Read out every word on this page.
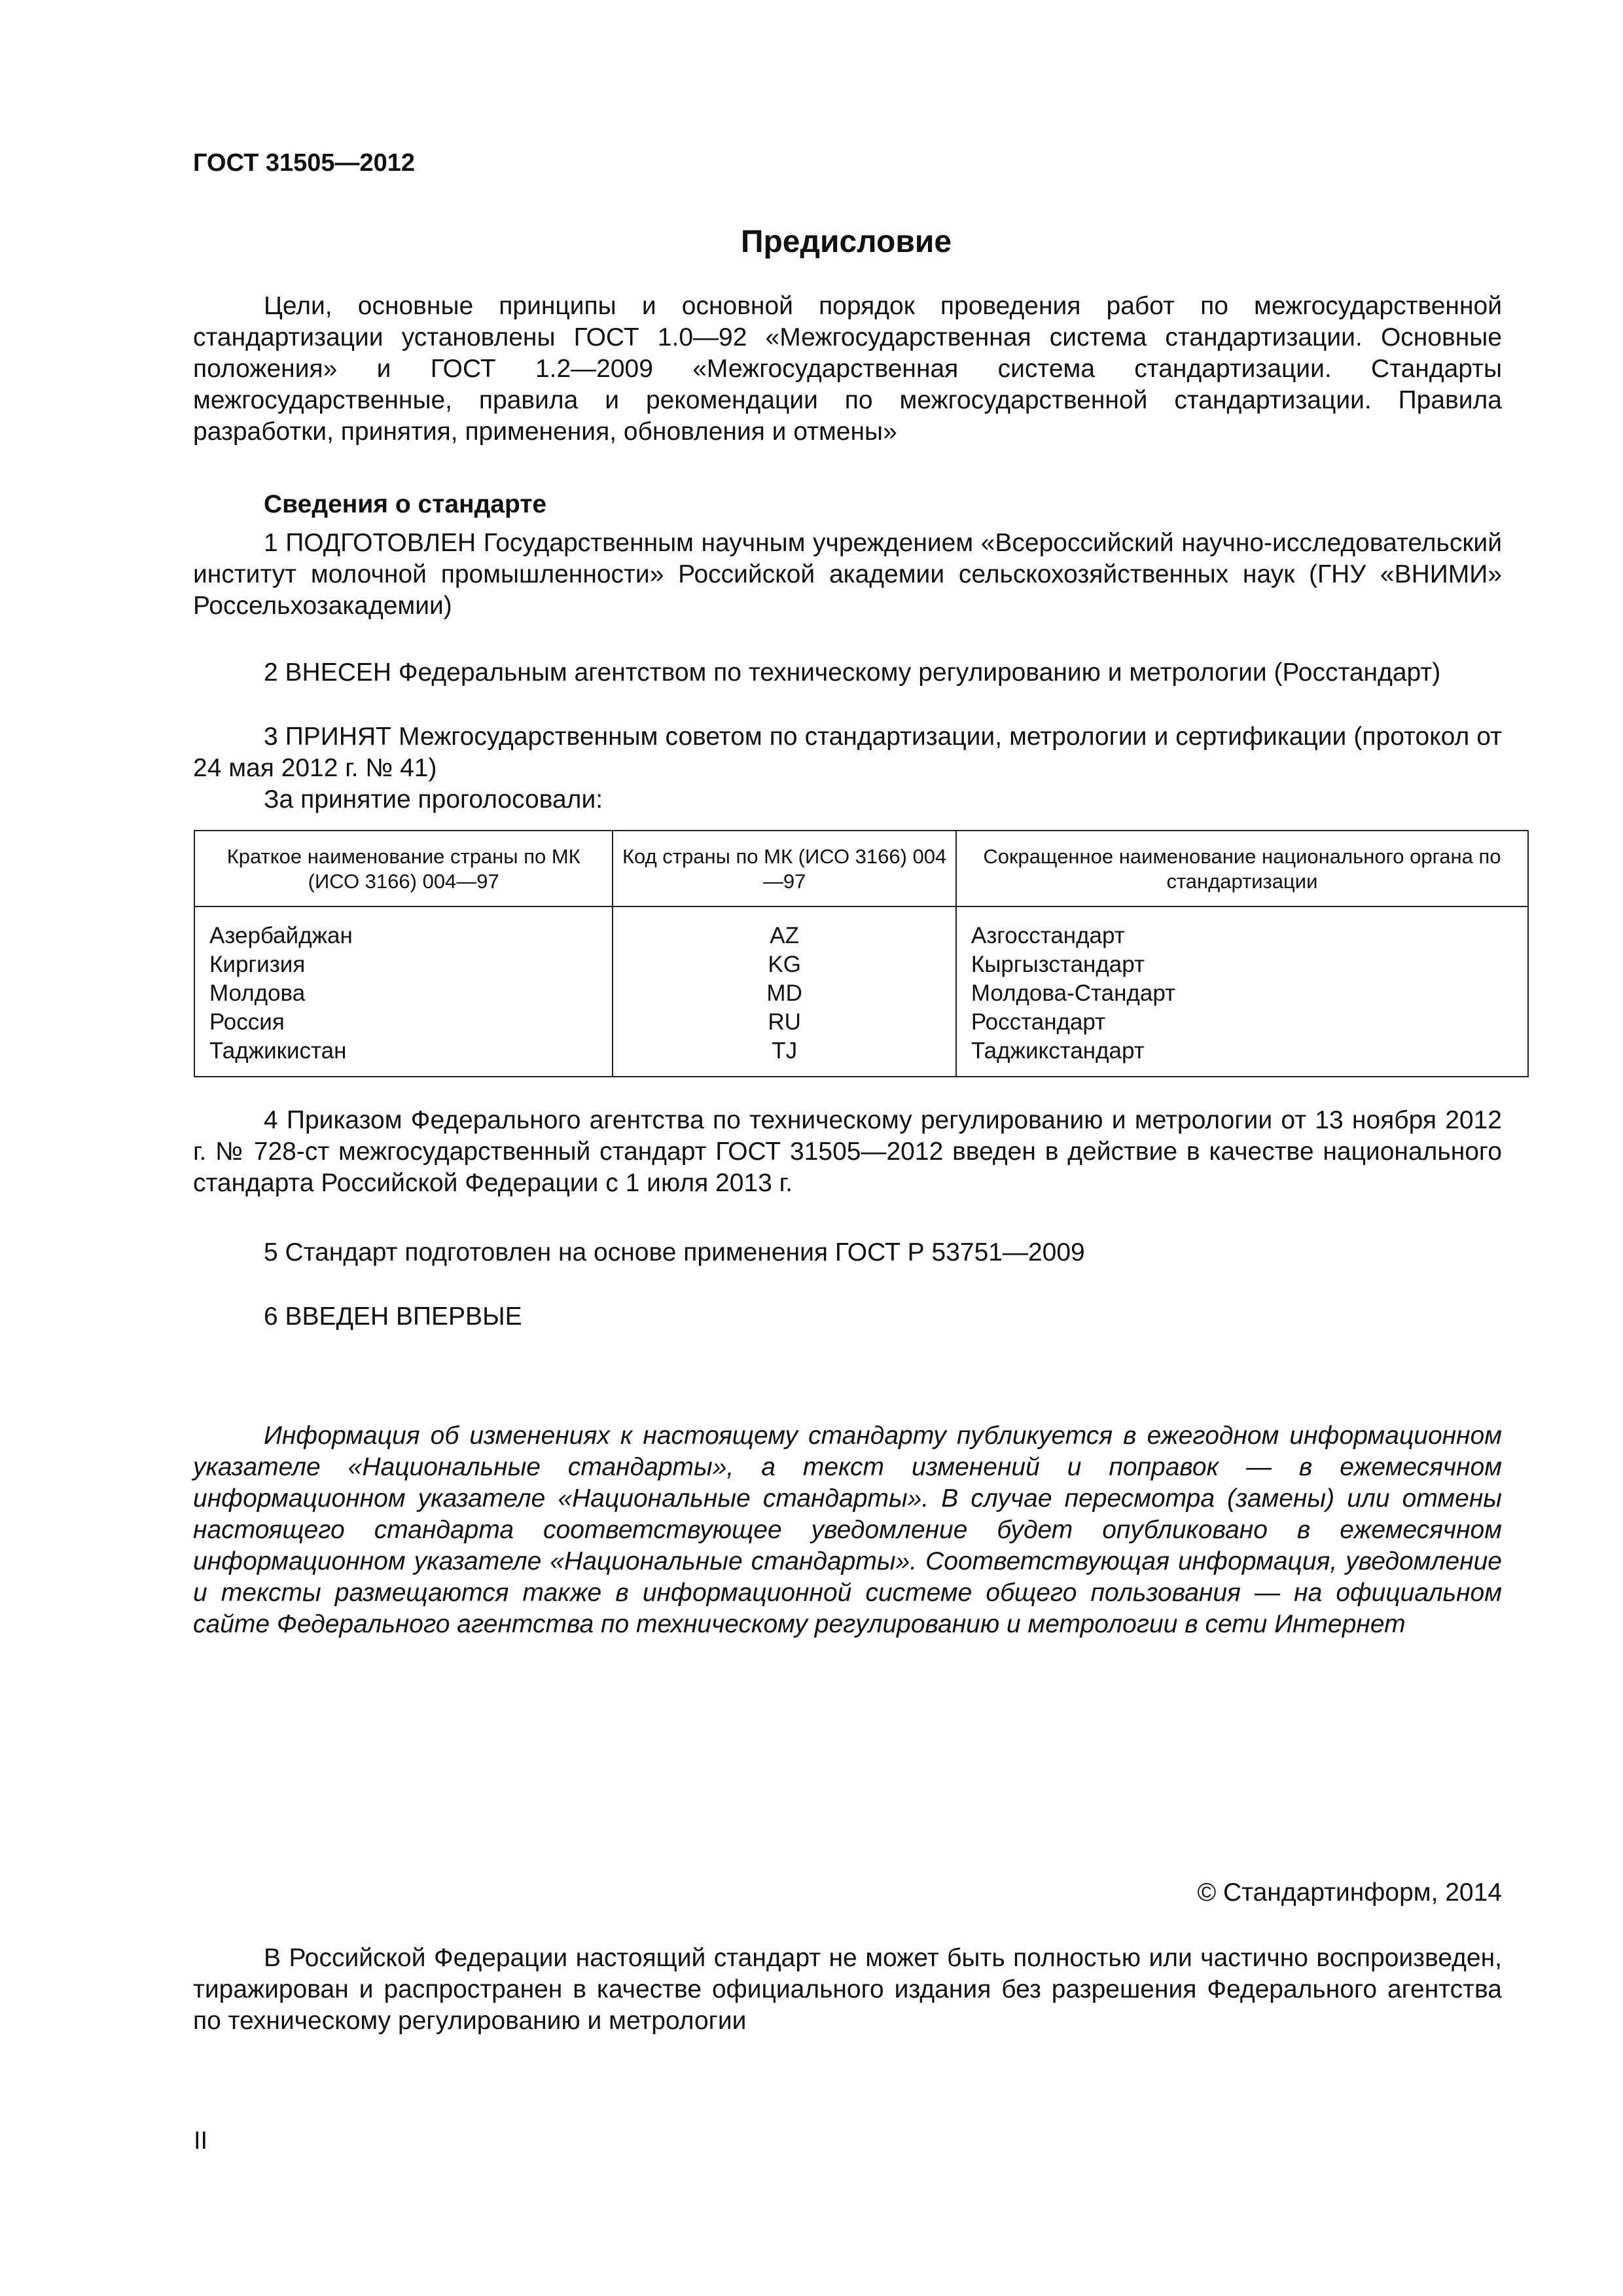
ГОСТ 31505—2012
Предисловие
Цели, основные принципы и основной порядок проведения работ по межгосударственной стандартизации установлены ГОСТ 1.0—92 «Межгосударственная система стандартизации. Основные положения» и ГОСТ 1.2—2009 «Межгосударственная система стандартизации. Стандарты межгосударственные, правила и рекомендации по межгосударственной стандартизации. Правила разработки, принятия, применения, обновления и отмены»
Сведения о стандарте
1 ПОДГОТОВЛЕН Государственным научным учреждением «Всероссийский научно-исследовательский институт молочной промышленности» Российской академии сельскохозяйственных наук (ГНУ «ВНИМИ» Россельхозакадемии)
2 ВНЕСЕН Федеральным агентством по техническому регулированию и метрологии (Росстандарт)
3 ПРИНЯТ Межгосударственным советом по стандартизации, метрологии и сертификации (протокол от 24 мая 2012 г. № 41)
За принятие проголосовали:
Краткое наименование страны по МК (ИСО 3166) 004—97	Код страны по МК (ИСО 3166) 004—97	Сокращенное наименование национального органа по стандартизации
Азербайджан	AZ	Азгосстандарт
Киргизия	KG	Кыргызстандарт
Молдова	MD	Молдова-Стандарт
Россия	RU	Росстандарт
Таджикистан	TJ	Таджикстандарт
4 Приказом Федерального агентства по техническому регулированию и метрологии от 13 ноября 2012 г. № 728-ст межгосударственный стандарт ГОСТ 31505—2012 введен в действие в качестве национального стандарта Российской Федерации с 1 июля 2013 г.
5 Стандарт подготовлен на основе применения ГОСТ Р 53751—2009
6 ВВЕДЕН ВПЕРВЫЕ
Информация об изменениях к настоящему стандарту публикуется в ежегодном информационном указателе «Национальные стандарты», а текст изменений и поправок — в ежемесячном информационном указателе «Национальные стандарты». В случае пересмотра (замены) или отмены настоящего стандарта соответствующее уведомление будет опубликовано в ежемесячном информационном указателе «Национальные стандарты». Соответствующая информация, уведомление и тексты размещаются также в информационной системе общего пользования — на официальном сайте Федерального агентства по техническому регулированию и метрологии в сети Интернет
© Стандартинформ, 2014
В Российской Федерации настоящий стандарт не может быть полностью или частично воспроизведен, тиражирован и распространен в качестве официального издания без разрешения Федерального агентства по техническому регулированию и метрологии
II
